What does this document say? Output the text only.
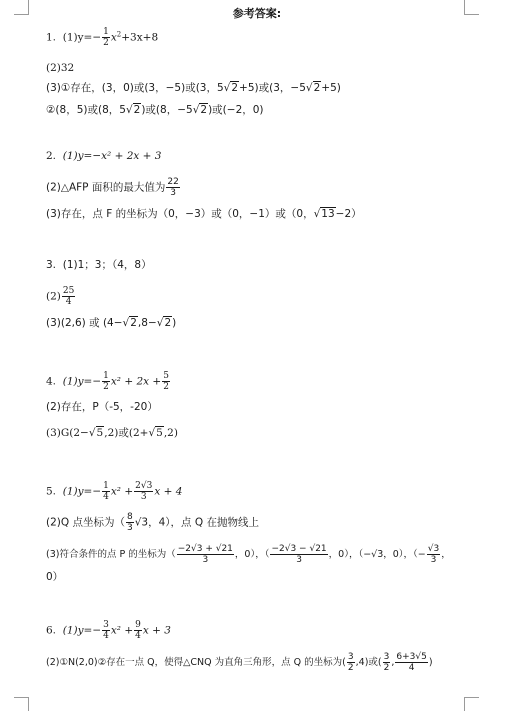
参考答案:
1. $(1)y=- \frac{1}{2} x^2+3x+8$
(2)32
(3)①存在，(3，0)或(3，−5)或(3，5√2+5)或(3，−5√2+5)
②(8，5)或(8，5√2)或(8，−5√2)或(−2，0)
2. (1)y=−x² + 2x + 3
(2)△AFP 面积的最大值为 $\frac{22}{3}$
(3)存在，点 F 的坐标为（0，−3）或（0，−1）或（0，√13−2）
3. (1)1；3；（4，8）
$(2) \frac{25}{4}$
(3)(2,6) 或 (4−√2,8−√2)
4. $(1)y=- \frac{1}{2} x^2 + 2x + \frac{5}{2}$
(2)存在，P（-5，-20）
(3)G(2−√5,2)或(2+√5,2)
5. $(1)y=- \frac{1}{4} x^2 + \frac{2√3}{3}$ x + 4
(2)Q 点坐标为（ $\frac{8}{3} √3$，4），点 Q 在抛物线上
(3)符合条件的点 P 的坐标为（ $\frac{-2√3 + √21}{3}$ ，0），（ $\frac{-2√3 - √21}{3}$ ，0），（−√3，0），（− $\frac{√3}{3}$ ，
0）
6. $(1)y=- \frac{3}{4} x^2 + \frac{9}{4}$ x + 3
(2)①N(2,0)②存在一点 Q，使得△CNQ 为直角三角形，点 Q 的坐标为( $\frac{3}{2} ,4$)或( $\frac{3}{2}$ , $\frac{6+3√5}{4}$ )
